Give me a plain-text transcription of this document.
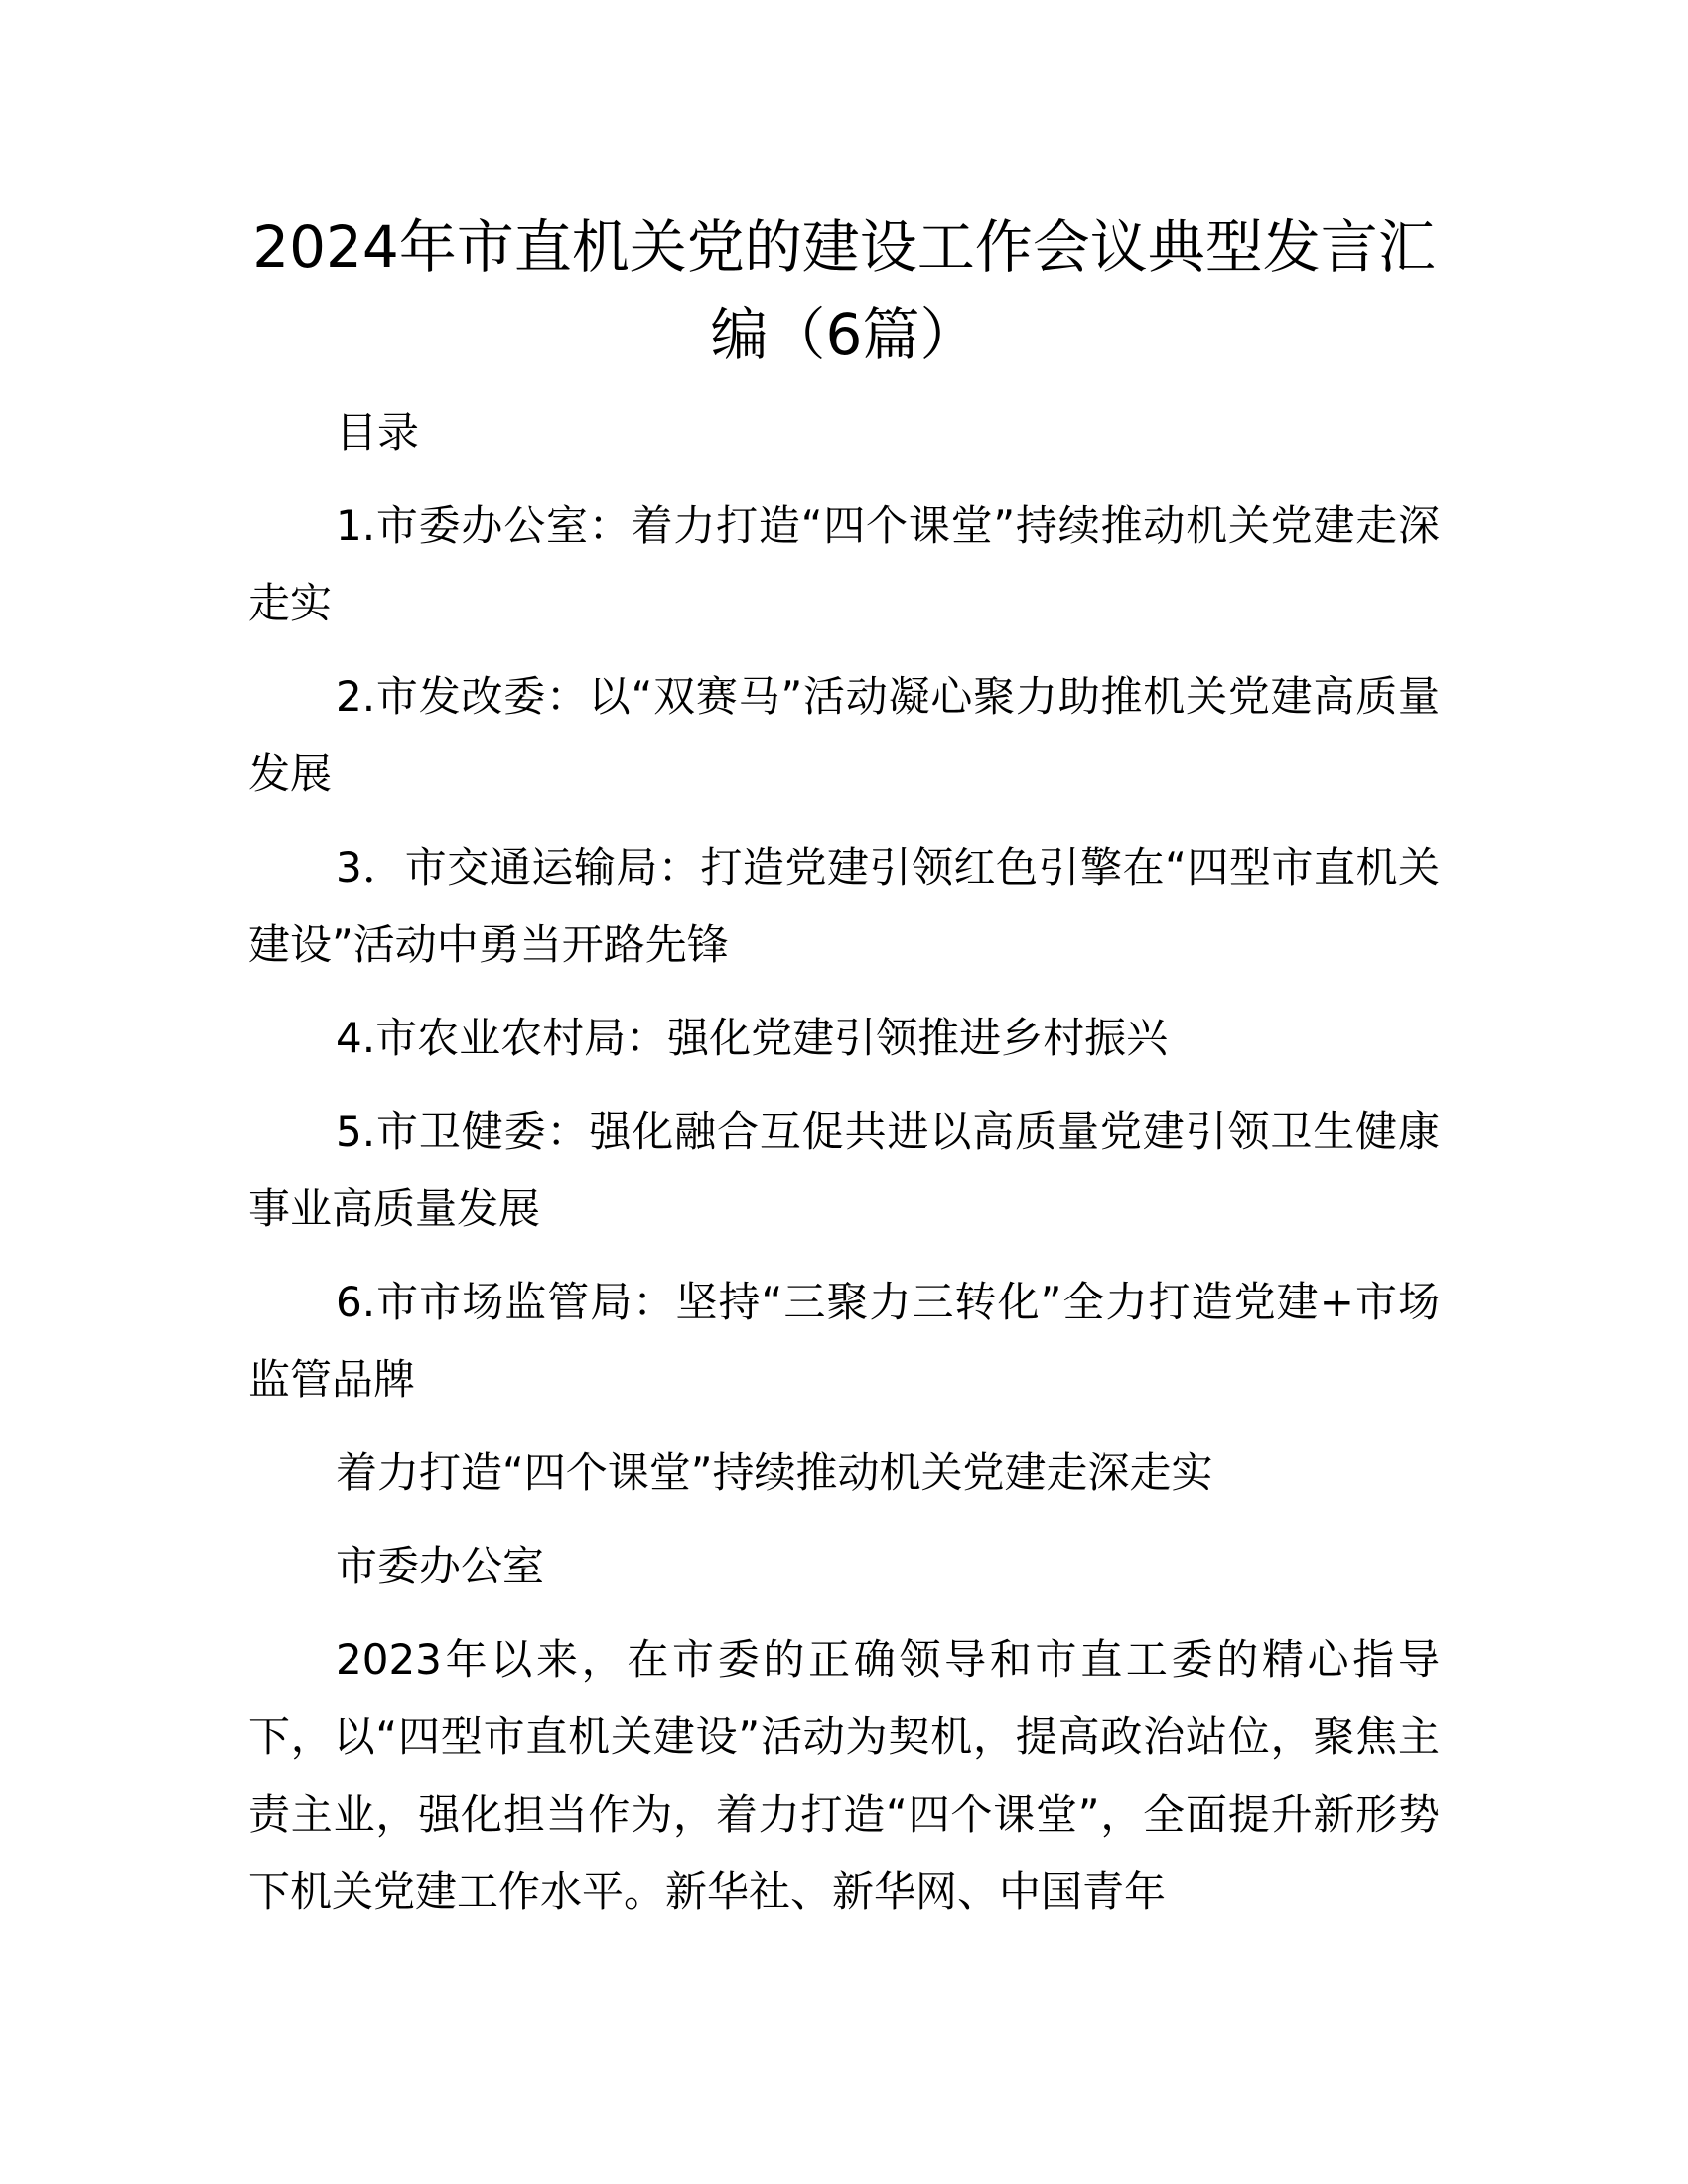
2024年市直机关党的建设工作会议典型发言汇编（6篇）

目录

1.市委办公室：着力打造“四个课堂”持续推动机关党建走深走实

2.市发改委：以“双赛马”活动凝心聚力助推机关党建高质量发展

3．市交通运输局：打造党建引领红色引擎在“四型市直机关建设”活动中勇当开路先锋

4.市农业农村局：强化党建引领推进乡村振兴

5.市卫健委：强化融合互促共进以高质量党建引领卫生健康事业高质量发展

6.市市场监管局：坚持“三聚力三转化”全力打造党建+市场监管品牌

着力打造“四个课堂”持续推动机关党建走深走实

市委办公室

2023年以来，在市委的正确领导和市直工委的精心指导下，以“四型市直机关建设”活动为契机，提高政治站位，聚焦主责主业，强化担当作为，着力打造“四个课堂”，全面提升新形势下机关党建工作水平。新华社、新华网、中国青年
